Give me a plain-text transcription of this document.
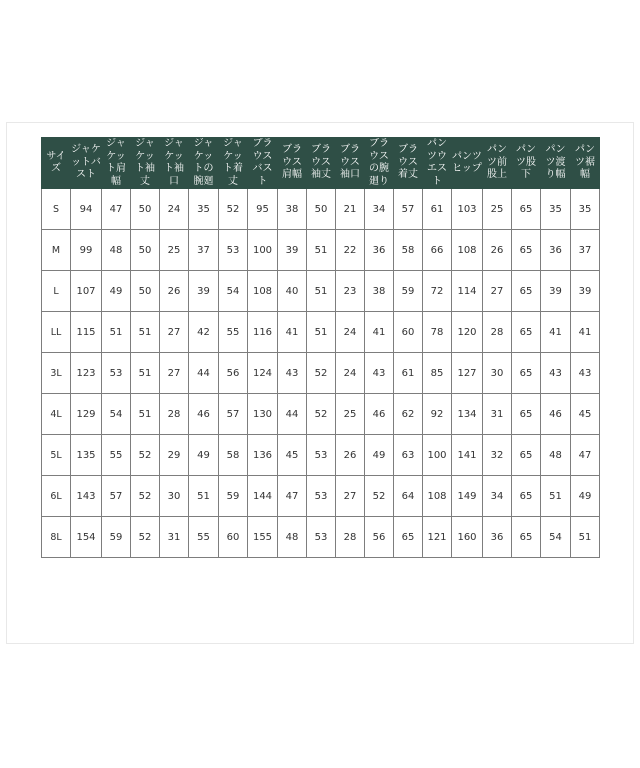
サイズ	ジャケットバスト	ジャケット肩幅	ジャケット袖丈	ジャケット袖口	ジャケットの腕廻	ジャケット着丈	ブラウスバスト	ブラウス肩幅	ブラウス袖丈	ブラウス袖口	ブラウスの腕廻り	ブラウス着丈	パンツウエスト	パンツヒップ	パンツ前股上	パンツ股下	パンツ渡り幅	パンツ裾幅
S	94	47	50	24	35	52	95	38	50	21	34	57	61	103	25	65	35	35
M	99	48	50	25	37	53	100	39	51	22	36	58	66	108	26	65	36	37
L	107	49	50	26	39	54	108	40	51	23	38	59	72	114	27	65	39	39
LL	115	51	51	27	42	55	116	41	51	24	41	60	78	120	28	65	41	41
3L	123	53	51	27	44	56	124	43	52	24	43	61	85	127	30	65	43	43
4L	129	54	51	28	46	57	130	44	52	25	46	62	92	134	31	65	46	45
5L	135	55	52	29	49	58	136	45	53	26	49	63	100	141	32	65	48	47
6L	143	57	52	30	51	59	144	47	53	27	52	64	108	149	34	65	51	49
8L	154	59	52	31	55	60	155	48	53	28	56	65	121	160	36	65	54	51
